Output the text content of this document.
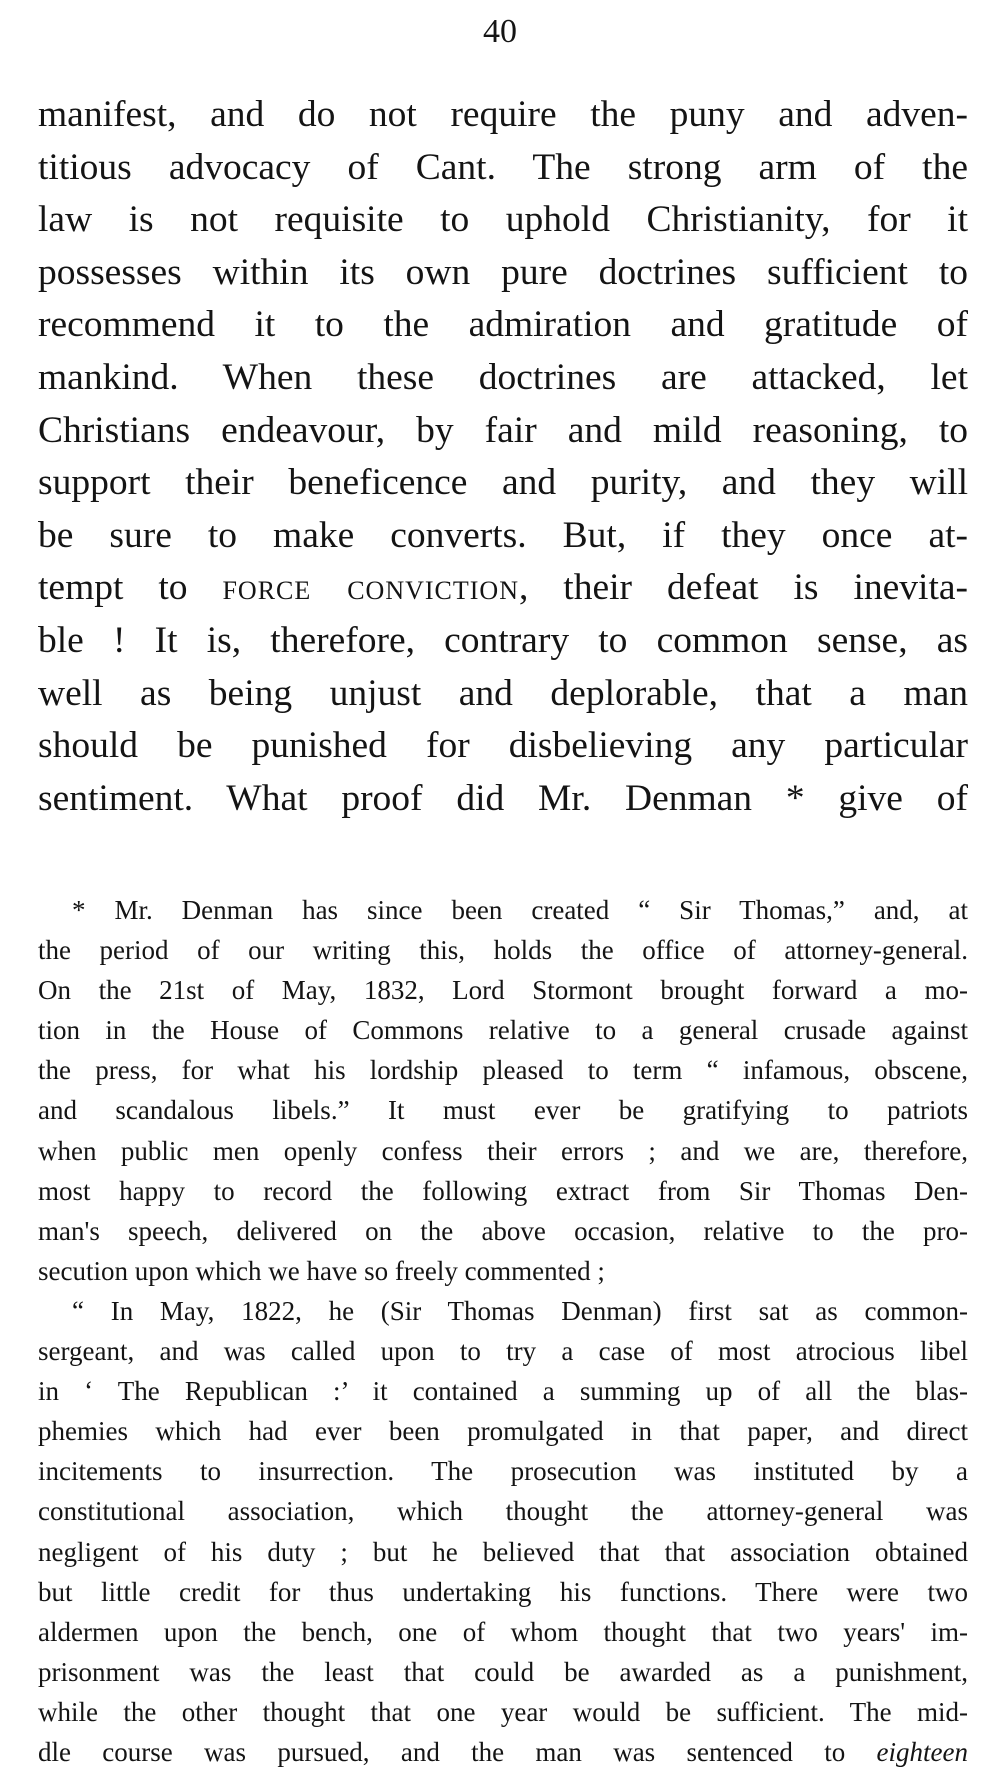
40

manifest, and do not require the puny and adven-
titious advocacy of Cant. The strong arm of the
law is not requisite to uphold Christianity, for it
possesses within its own pure doctrines sufficient to
recommend it to the admiration and gratitude of
mankind. When these doctrines are attacked, let
Christians endeavour, by fair and mild reasoning, to
support their beneficence and purity, and they will
be sure to make converts. But, if they once at-
tempt to force conviction, their defeat is inevita-
ble ! It is, therefore, contrary to common sense, as
well as being unjust and deplorable, that a man
should be punished for disbelieving any particular
sentiment. What proof did Mr. Denman * give of
* Mr. Denman has since been created “ Sir Thomas,” and, at
the period of our writing this, holds the office of attorney-general.
On the 21st of May, 1832, Lord Stormont brought forward a mo-
tion in the House of Commons relative to a general crusade against
the press, for what his lordship pleased to term “ infamous, obscene,
and scandalous libels.” It must ever be gratifying to patriots
when public men openly confess their errors ; and we are, therefore,
most happy to record the following extract from Sir Thomas Den-
man's speech, delivered on the above occasion, relative to the pro-
secution upon which we have so freely commented ;
“ In May, 1822, he (Sir Thomas Denman) first sat as common-
sergeant, and was called upon to try a case of most atrocious libel
in ‘ The Republican :’ it contained a summing up of all the blas-
phemies which had ever been promulgated in that paper, and direct
incitements to insurrection. The prosecution was instituted by a
constitutional association, which thought the attorney-general was
negligent of his duty ; but he believed that that association obtained
but little credit for thus undertaking his functions. There were two
aldermen upon the bench, one of whom thought that two years' im-
prisonment was the least that could be awarded as a punishment,
while the other thought that one year would be sufficient. The mid-
dle course was pursued, and the man was sentenced to eighteen
